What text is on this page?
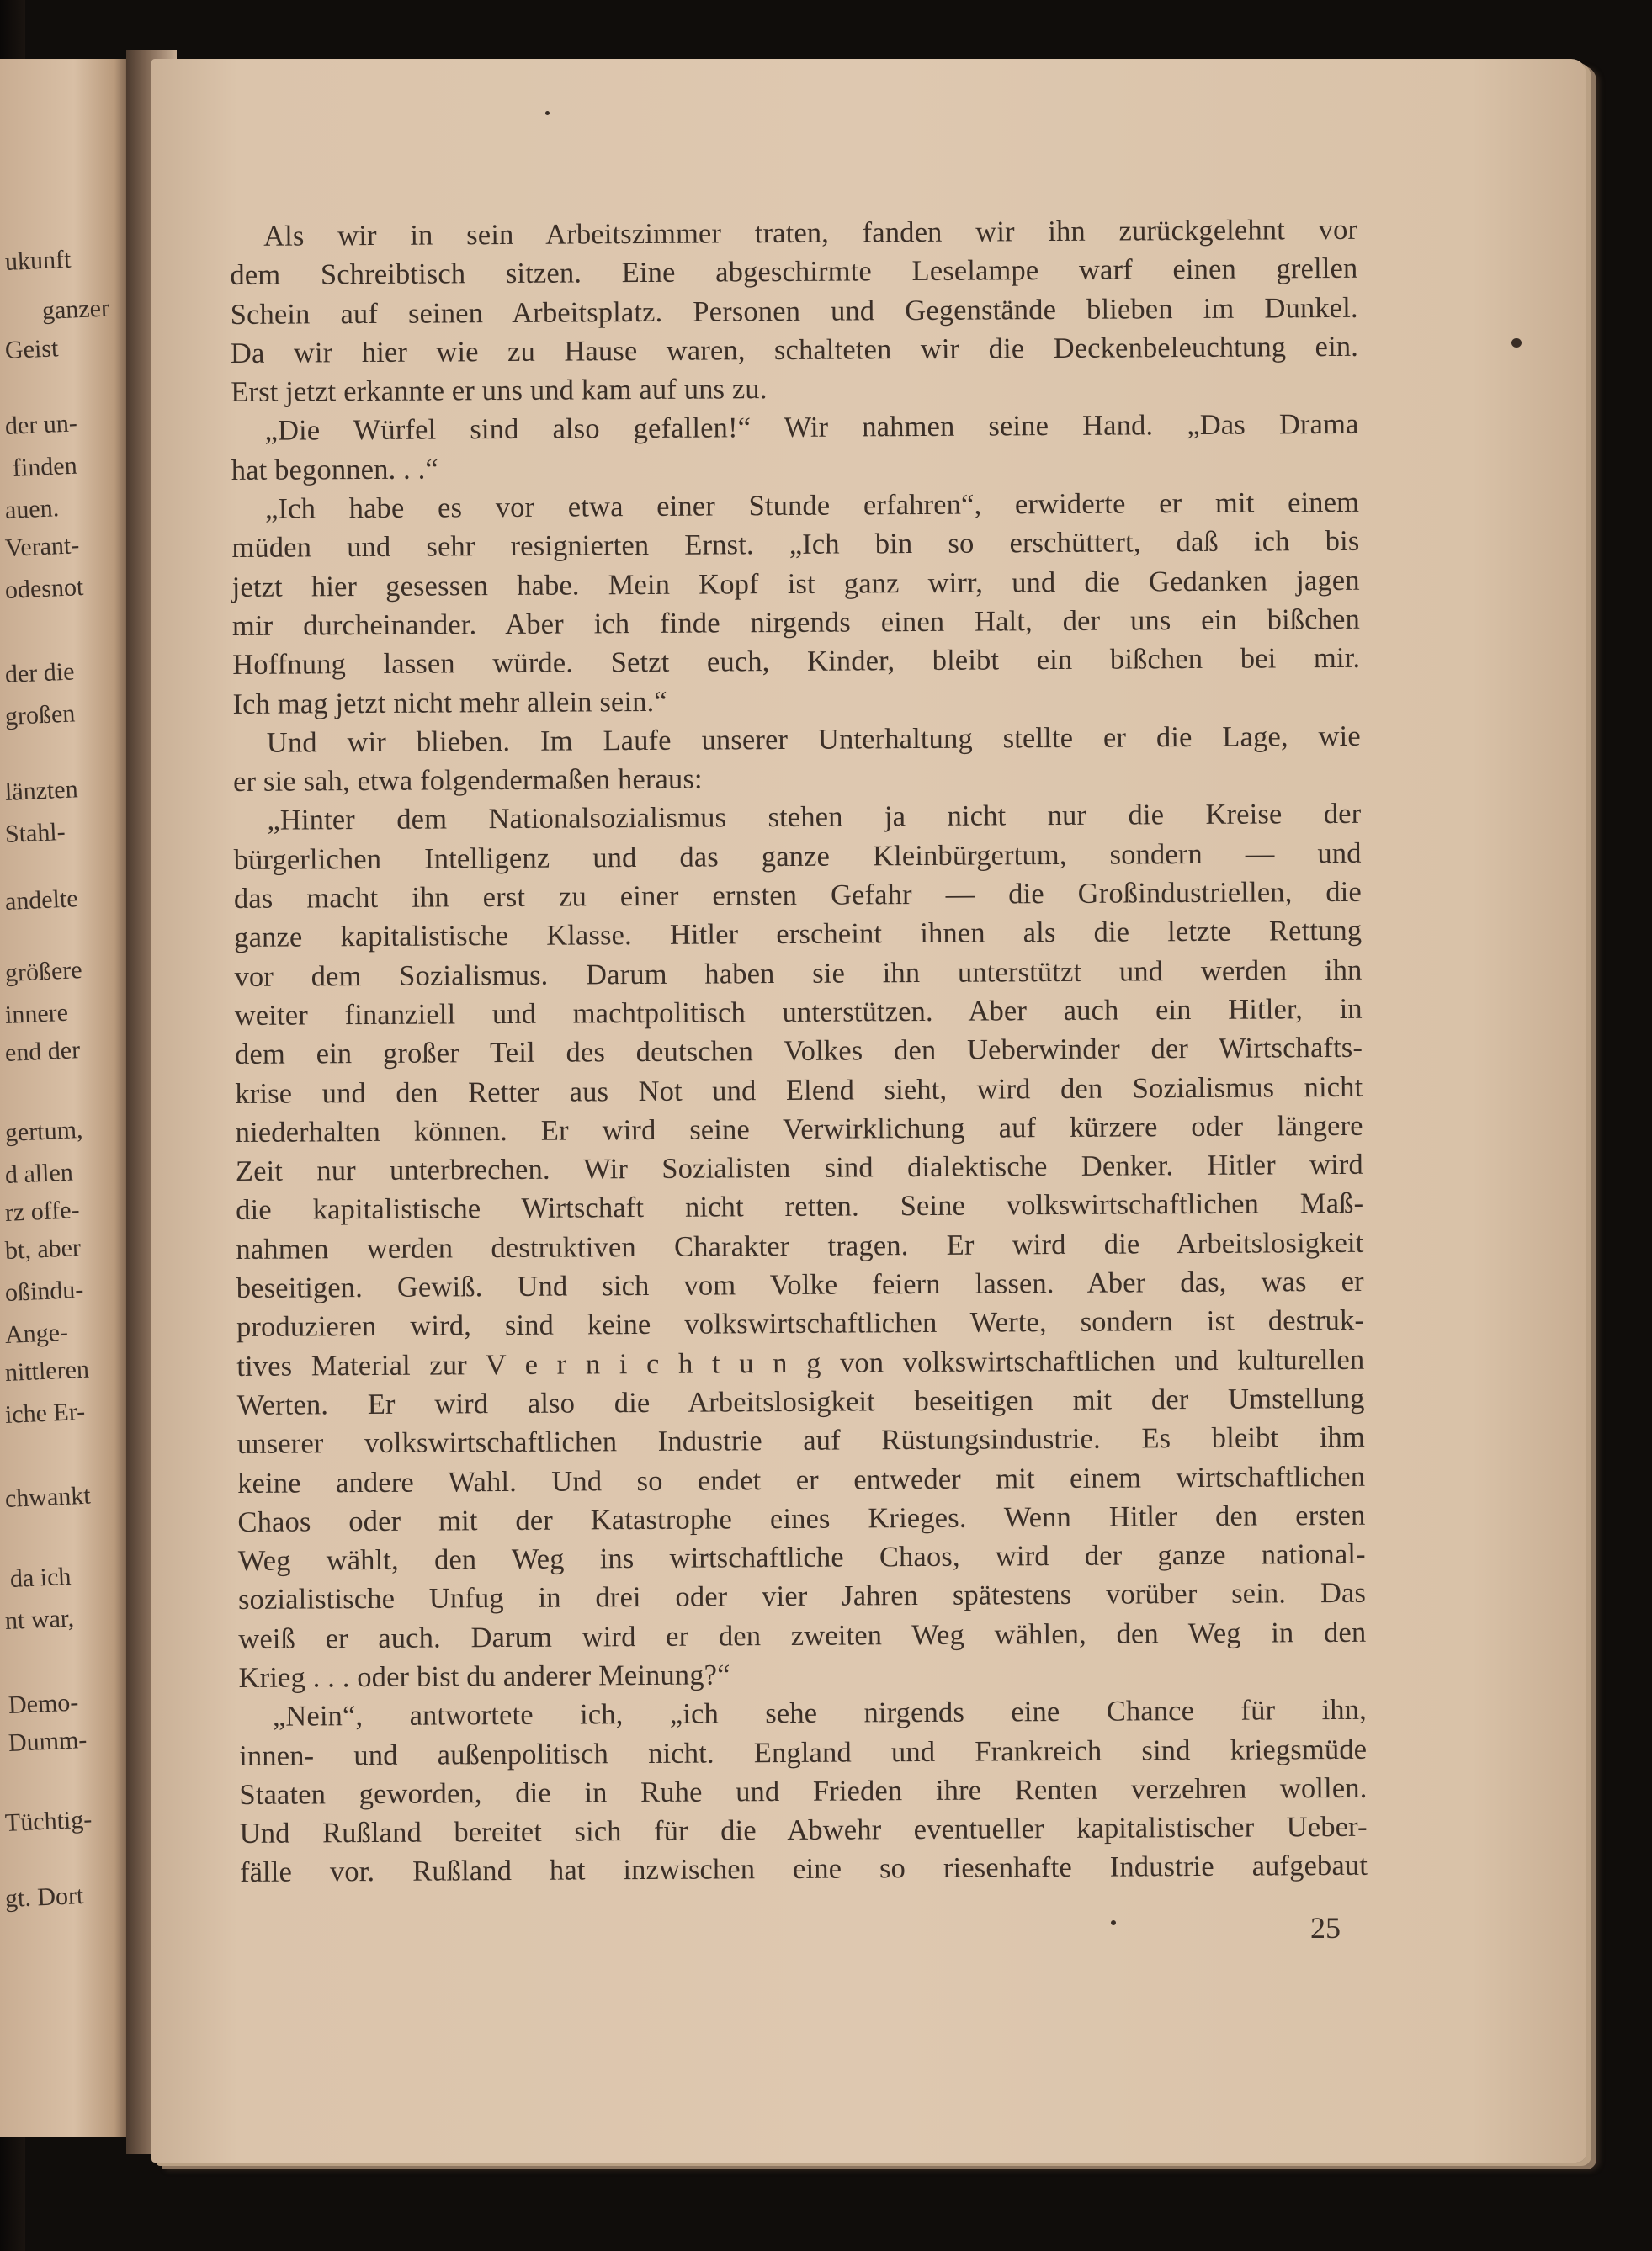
ukunft
ganzer
Geist
der un-
finden
auen.
Verant-
odesnot
der die
großen
länzten
Stahl-
andelte
größere
innere
end der
gertum,
d allen
rz offe-
bt, aber
oßindu-
Ange-
nittleren
iche Er-
chwankt
da ich
nt war,
Demo-
Dumm-
Tüchtig-
gt. Dort
Als wir in sein Arbeitszimmer traten, fanden wir ihn zurückgelehnt vor
dem Schreibtisch sitzen. Eine abgeschirmte Leselampe warf einen grellen
Schein auf seinen Arbeitsplatz. Personen und Gegenstände blieben im Dunkel.
Da wir hier wie zu Hause waren, schalteten wir die Deckenbeleuchtung ein.
Erst jetzt erkannte er uns und kam auf uns zu.
„Die Würfel sind also gefallen!“ Wir nahmen seine Hand. „Das Drama
hat begonnen. . .“
„Ich habe es vor etwa einer Stunde erfahren“, erwiderte er mit einem
müden und sehr resignierten Ernst. „Ich bin so erschüttert, daß ich bis
jetzt hier gesessen habe. Mein Kopf ist ganz wirr, und die Gedanken jagen
mir durcheinander. Aber ich finde nirgends einen Halt, der uns ein bißchen
Hoffnung lassen würde. Setzt euch, Kinder, bleibt ein bißchen bei mir.
Ich mag jetzt nicht mehr allein sein.“
Und wir blieben. Im Laufe unserer Unterhaltung stellte er die Lage, wie
er sie sah, etwa folgendermaßen heraus:
„Hinter dem Nationalsozialismus stehen ja nicht nur die Kreise der
bürgerlichen Intelligenz und das ganze Kleinbürgertum, sondern — und
das macht ihn erst zu einer ernsten Gefahr — die Großindustriellen, die
ganze kapitalistische Klasse. Hitler erscheint ihnen als die letzte Rettung
vor dem Sozialismus. Darum haben sie ihn unterstützt und werden ihn
weiter finanziell und machtpolitisch unterstützen. Aber auch ein Hitler, in
dem ein großer Teil des deutschen Volkes den Ueberwinder der Wirtschafts-
krise und den Retter aus Not und Elend sieht, wird den Sozialismus nicht
niederhalten können. Er wird seine Verwirklichung auf kürzere oder längere
Zeit nur unterbrechen. Wir Sozialisten sind dialektische Denker. Hitler wird
die kapitalistische Wirtschaft nicht retten. Seine volkswirtschaftlichen Maß-
nahmen werden destruktiven Charakter tragen. Er wird die Arbeitslosigkeit
beseitigen. Gewiß. Und sich vom Volke feiern lassen. Aber das, was er
produzieren wird, sind keine volkswirtschaftlichen Werte, sondern ist destruk-
tives Material zur V e r n i c h t u n g von volkswirtschaftlichen und kulturellen
Werten. Er wird also die Arbeitslosigkeit beseitigen mit der Umstellung
unserer volkswirtschaftlichen Industrie auf Rüstungsindustrie. Es bleibt ihm
keine andere Wahl. Und so endet er entweder mit einem wirtschaftlichen
Chaos oder mit der Katastrophe eines Krieges. Wenn Hitler den ersten
Weg wählt, den Weg ins wirtschaftliche Chaos, wird der ganze national-
sozialistische Unfug in drei oder vier Jahren spätestens vorüber sein. Das
weiß er auch. Darum wird er den zweiten Weg wählen, den Weg in den
Krieg . . . oder bist du anderer Meinung?“
„Nein“, antwortete ich, „ich sehe nirgends eine Chance für ihn,
innen- und außenpolitisch nicht. England und Frankreich sind kriegsmüde
Staaten geworden, die in Ruhe und Frieden ihre Renten verzehren wollen.
Und Rußland bereitet sich für die Abwehr eventueller kapitalistischer Ueber-
fälle vor. Rußland hat inzwischen eine so riesenhafte Industrie aufgebaut
25
